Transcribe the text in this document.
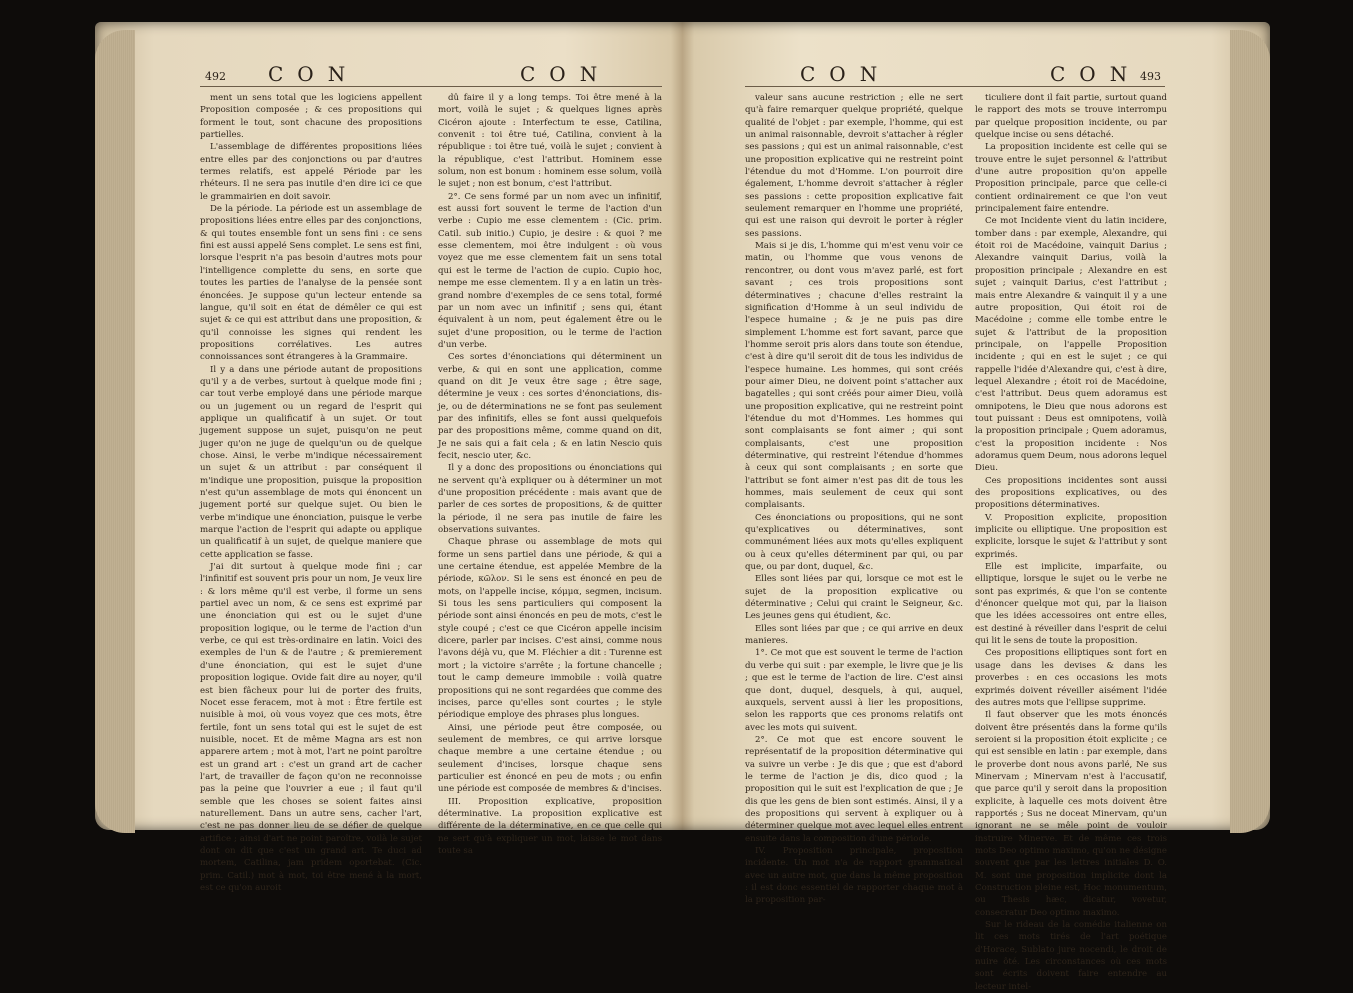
492 CON	CON

ment un sens total que les logiciens appellent Proposition composée ; & ces propositions qui forment le tout, sont chacune des propositions partielles.

L'assemblage de différentes propositions liées entre elles par des conjonctions ou par d'autres termes relatifs, est appelé Période par les rhéteurs. Il ne sera pas inutile d'en dire ici ce que le grammairien en doit savoir.

De la période. La période est un assemblage de propositions liées entre elles par des conjonctions, & qui toutes ensemble font un sens fini : ce sens fini est aussi appelé Sens complet. Le sens est fini, lorsque l'esprit n'a pas besoin d'autres mots pour l'intelligence complette du sens, en sorte que toutes les parties de l'analyse de la pensée sont énoncées. Je suppose qu'un lecteur entende sa langue, qu'il soit en état de démêler ce qui est sujet & ce qui est attribut dans une proposition, & qu'il connoisse les signes qui rendent les propositions corrélatives. Les autres connoissances sont étrangeres à la Grammaire.

Il y a dans une période autant de propositions qu'il y a de verbes, surtout à quelque mode fini ; car tout verbe employé dans une période marque ou un jugement ou un regard de l'esprit qui applique un qualificatif à un sujet. Or tout jugement suppose un sujet, puisqu'on ne peut juger qu'on ne juge de quelqu'un ou de quelque chose. Ainsi, le verbe m'indique nécessairement un sujet & un attribut : par conséquent il m'indique une proposition, puisque la proposition n'est qu'un assemblage de mots qui énoncent un jugement porté sur quelque sujet. Ou bien le verbe m'indique une énonciation, puisque le verbe marque l'action de l'esprit qui adapte ou applique un qualificatif à un sujet, de quelque maniere que cette application se fasse.

J'ai dit surtout à quelque mode fini ; car l'infinitif est souvent pris pour un nom, Je veux lire : & lors même qu'il est verbe, il forme un sens partiel avec un nom, & ce sens est exprimé par une énonciation qui est ou le sujet d'une proposition logique, ou le terme de l'action d'un verbe, ce qui est très-ordinaire en latin. Voici des exemples de l'un & de l'autre ; & premierement d'une énonciation, qui est le sujet d'une proposition logique. Ovide fait dire au noyer, qu'il est bien fâcheux pour lui de porter des fruits, Nocet esse feracem, mot à mot : Être fertile est nuisible à moi, où vous voyez que ces mots, être fertile, font un sens total qui est le sujet de est nuisible, nocet. Et de même Magna ars est non apparere artem ; mot à mot, l'art ne point paroître est un grand art : c'est un grand art de cacher l'art, de travailler de façon qu'on ne reconnoisse pas la peine que l'ouvrier a eue ; il faut qu'il semble que les choses se soient faites ainsi naturellement. Dans un autre sens, cacher l'art, c'est ne pas donner lieu de se défier de quelque artifice ; ainsi d'art ne point paroître, voilà le sujet dont on dit que c'est un grand art. Te duci ad mortem, Catilina, jam pridem oportebat. (Cic. prim. Catil.) mot à mot, toi être mené à la mort, est ce qu'on auroit

dû faire il y a long temps. Toi être mené à la mort, voilà le sujet ; & quelques lignes après Cicéron ajoute : Interfectum te esse, Catilina, convenit : toi être tué, Catilina, convient à la république : toi être tué, voilà le sujet ; convient à la république, c'est l'attribut. Hominem esse solum, non est bonum : hominem esse solum, voilà le sujet ; non est bonum, c'est l'attribut.

2°. Ce sens formé par un nom avec un infinitif, est aussi fort souvent le terme de l'action d'un verbe : Cupio me esse clementem : (Cic. prim. Catil. sub initio.) Cupio, je desire : & quoi ? me esse clementem, moi être indulgent : où vous voyez que me esse clementem fait un sens total qui est le terme de l'action de cupio. Cupio hoc, nempe me esse clementem. Il y a en latin un très-grand nombre d'exemples de ce sens total, formé par un nom avec un infinitif ; sens qui, étant équivalent à un nom, peut également être ou le sujet d'une proposition, ou le terme de l'action d'un verbe.

Ces sortes d'énonciations qui déterminent un verbe, & qui en sont une application, comme quand on dit Je veux être sage ; être sage, détermine je veux : ces sortes d'énonciations, dis-je, ou de déterminations ne se font pas seulement par des infinitifs, elles se font aussi quelquefois par des propositions même, comme quand on dit, Je ne sais qui a fait cela ; & en latin Nescio quis fecit, nescio uter, &c.

Il y a donc des propositions ou énonciations qui ne servent qu'à expliquer ou à déterminer un mot d'une proposition précédente : mais avant que de parler de ces sortes de propositions, & de quitter la période, il ne sera pas inutile de faire les observations suivantes.

Chaque phrase ou assemblage de mots qui forme un sens partiel dans une période, & qui a une certaine étendue, est appelée Membre de la période, κῶλον. Si le sens est énoncé en peu de mots, on l'appelle incise, κόμμα, segmen, incisum. Si tous les sens particuliers qui composent la période sont ainsi énoncés en peu de mots, c'est le style coupé ; c'est ce que Cicéron appelle incisim dicere, parler par incises. C'est ainsi, comme nous l'avons déjà vu, que M. Fléchier a dit : Turenne est mort ; la victoire s'arrête ; la fortune chancelle ; tout le camp demeure immobile : voilà quatre propositions qui ne sont regardées que comme des incises, parce qu'elles sont courtes ; le style périodique employe des phrases plus longues.

Ainsi, une période peut être composée, ou seulement de membres, ce qui arrive lorsque chaque membre a une certaine étendue ; ou seulement d'incises, lorsque chaque sens particulier est énoncé en peu de mots ; ou enfin une période est composée de membres & d'incises.

III. Proposition explicative, proposition déterminative. La proposition explicative est différente de la déterminative, en ce que celle qui ne sert qu'à expliquer un mot, laisse le mot dans toute sa

CON	CON
493

valeur sans aucune restriction ; elle ne sert qu'à faire remarquer quelque propriété, quelque qualité de l'objet : par exemple, l'homme, qui est un animal raisonnable, devroit s'attacher à régler ses passions ; qui est un animal raisonnable, c'est une proposition explicative qui ne restreint point l'étendue du mot d'Homme. L'on pourroit dire également, L'homme devroit s'attacher à régler ses passions : cette proposition explicative fait seulement remarquer en l'homme une propriété, qui est une raison qui devroit le porter à régler ses passions.

Mais si je dis, L'homme qui m'est venu voir ce matin, ou l'homme que vous venons de rencontrer, ou dont vous m'avez parlé, est fort savant ; ces trois propositions sont déterminatives ; chacune d'elles restraint la signification d'Homme à un seul individu de l'espece humaine ; & je ne puis pas dire simplement L'homme est fort savant, parce que l'homme seroit pris alors dans toute son étendue, c'est à dire qu'il seroit dit de tous les individus de l'espece humaine. Les hommes, qui sont créés pour aimer Dieu, ne doivent point s'attacher aux bagatelles ; qui sont créés pour aimer Dieu, voilà une proposition explicative, qui ne restreint point l'étendue du mot d'Hommes. Les hommes qui sont complaisants se font aimer ; qui sont complaisants, c'est une proposition déterminative, qui restreint l'étendue d'hommes à ceux qui sont complaisants ; en sorte que l'attribut se font aimer n'est pas dit de tous les hommes, mais seulement de ceux qui sont complaisants.

Ces énonciations ou propositions, qui ne sont qu'explicatives ou déterminatives, sont communément liées aux mots qu'elles expliquent ou à ceux qu'elles déterminent par qui, ou par que, ou par dont, duquel, &c.

Elles sont liées par qui, lorsque ce mot est le sujet de la proposition explicative ou déterminative ; Celui qui craint le Seigneur, &c. Les jeunes gens qui étudient, &c.

Elles sont liées par que ; ce qui arrive en deux manieres.

1°. Ce mot que est souvent le terme de l'action du verbe qui suit : par exemple, le livre que je lis ; que est le terme de l'action de lire. C'est ainsi que dont, duquel, desquels, à qui, auquel, auxquels, servent aussi à lier les propositions, selon les rapports que ces pronoms relatifs ont avec les mots qui suivent.

2°. Ce mot que est encore souvent le représentatif de la proposition déterminative qui va suivre un verbe : Je dis que ; que est d'abord le terme de l'action je dis, dico quod ; la proposition qui le suit est l'explication de que ; Je dis que les gens de bien sont estimés. Ainsi, il y a des propositions qui servent à expliquer ou à déterminer quelque mot avec lequel elles entrent ensuite dans la composition d'une période.

IV. Proposition principale, proposition incidente. Un mot n'a de rapport grammatical avec un autre mot, que dans la même proposition : il est donc essentiel de rapporter chaque mot à la proposition par-

ticuliere dont il fait partie, surtout quand le rapport des mots se trouve interrompu par quelque proposition incidente, ou par quelque incise ou sens détaché.

La proposition incidente est celle qui se trouve entre le sujet personnel & l'attribut d'une autre proposition qu'on appelle Proposition principale, parce que celle-ci contient ordinairement ce que l'on veut principalement faire entendre.

Ce mot Incidente vient du latin incidere, tomber dans : par exemple, Alexandre, qui étoit roi de Macédoine, vainquit Darius ; Alexandre vainquit Darius, voilà la proposition principale ; Alexandre en est sujet ; vainquit Darius, c'est l'attribut ; mais entre Alexandre & vainquit il y a une autre proposition, Qui étoit roi de Macédoine ; comme elle tombe entre le sujet & l'attribut de la proposition principale, on l'appelle Proposition incidente ; qui en est le sujet ; ce qui rappelle l'idée d'Alexandre qui, c'est à dire, lequel Alexandre ; étoit roi de Macédoine, c'est l'attribut. Deus quem adoramus est omnipotens, le Dieu que nous adorons est tout puissant : Deus est omnipotens, voilà la proposition principale ; Quem adoramus, c'est la proposition incidente : Nos adoramus quem Deum, nous adorons lequel Dieu.

Ces propositions incidentes sont aussi des propositions explicatives, ou des propositions déterminatives.

V. Proposition explicite, proposition implicite ou elliptique. Une proposition est explicite, lorsque le sujet & l'attribut y sont exprimés.

Elle est implicite, imparfaite, ou elliptique, lorsque le sujet ou le verbe ne sont pas exprimés, & que l'on se contente d'énoncer quelque mot qui, par la liaison que les idées accessoires ont entre elles, est destiné à réveiller dans l'esprit de celui qui lit le sens de toute la proposition.

Ces propositions elliptiques sont fort en usage dans les devises & dans les proverbes : en ces occasions les mots exprimés doivent réveiller aisément l'idée des autres mots que l'ellipse supprime.

Il faut observer que les mots énoncés doivent être présentés dans la forme qu'ils seroient si la proposition étoit explicite ; ce qui est sensible en latin : par exemple, dans le proverbe dont nous avons parlé, Ne sus Minervam ; Minervam n'est à l'accusatif, que parce qu'il y seroit dans la proposition explicite, à laquelle ces mots doivent être rapportés ; Sus ne doceat Minervam, qu'un ignorant ne se mêle point de vouloir instruire Minerve. Et de même ces trois mots Deo optimo maximo, qu'on ne désigne souvent que par les lettres initiales D. O. M. sont une proposition implicite dont la Construction pleine est, Hoc monumentum, ou Thesis hæc, dicatur, vovetur, consecratur Deo optimo maximo.

Sur le rideau de la comédie italienne on lit ces mots tirés de l'art poétique d'Horace, Sublato jure nocendi, le droit de nuire ôté. Les circonstances où ces mots sont écrits doivent faire entendre au lecteur intel-
